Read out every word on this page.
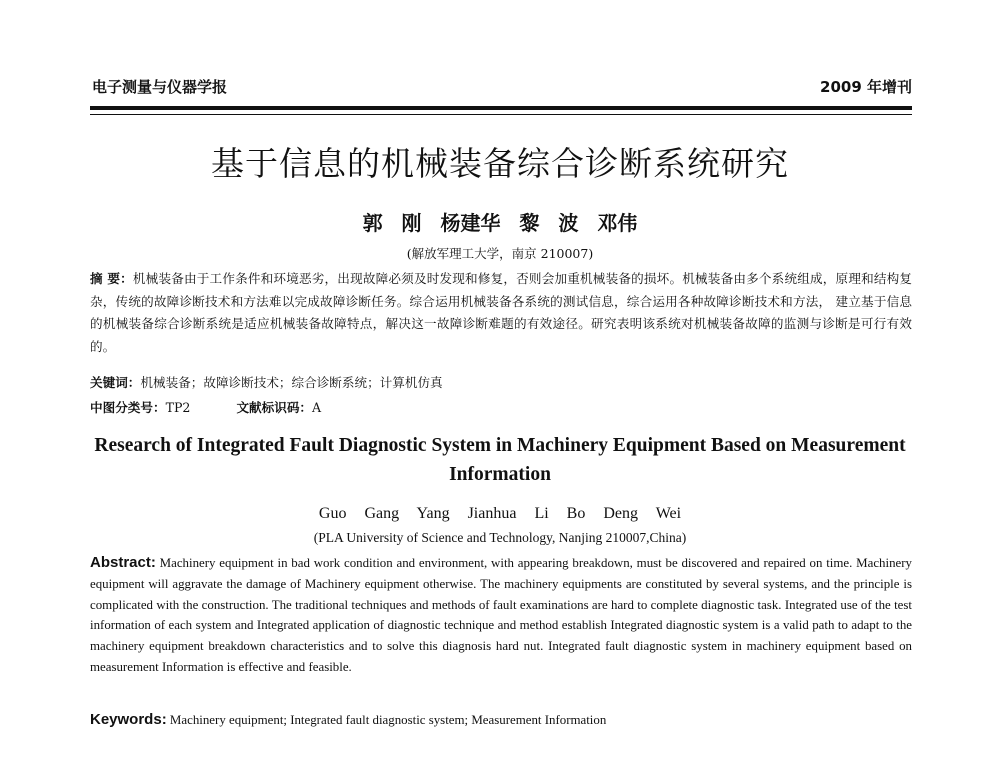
电子测量与仪器学报	2009 年增刊
基于信息的机械装备综合诊断系统研究
郭 刚 杨建华 黎 波 邓伟
(解放军理工大学，南京 210007)
摘 要：机械装备由于工作条件和环境恶劣，出现故障必须及时发现和修复，否则会加重机械装备的损坏。机械装备由多个系统组成，原理和结构复杂，传统的故障诊断技术和方法难以完成故障诊断任务。综合运用机械装备各系统的测试信息，综合运用各种故障诊断技术和方法， 建立基于信息的机械装备综合诊断系统是适应机械装备故障特点，解决这一故障诊断难题的有效途径。研究表明该系统对机械装备故障的监测与诊断是可行有效的。
关键词：机械装备；故障诊断技术；综合诊断系统；计算机仿真
中图分类号：TP2	文献标识码：A
Research of Integrated Fault Diagnostic System in Machinery Equipment Based on Measurement Information
Guo Gang Yang Jianhua Li Bo Deng Wei
(PLA University of Science and Technology, Nanjing 210007,China)
Abstract: Machinery equipment in bad work condition and environment, with appearing breakdown, must be discovered and repaired on time. Machinery equipment will aggravate the damage of Machinery equipment otherwise. The machinery equipments are constituted by several systems, and the principle is complicated with the construction. The traditional techniques and methods of fault examinations are hard to complete diagnostic task. Integrated use of the test information of each system and Integrated application of diagnostic technique and method establish Integrated diagnostic system is a valid path to adapt to the machinery equipment breakdown characteristics and to solve this diagnosis hard nut. Integrated fault diagnostic system in machinery equipment based on measurement Information is effective and feasible.
Keywords: Machinery equipment; Integrated fault diagnostic system; Measurement Information
